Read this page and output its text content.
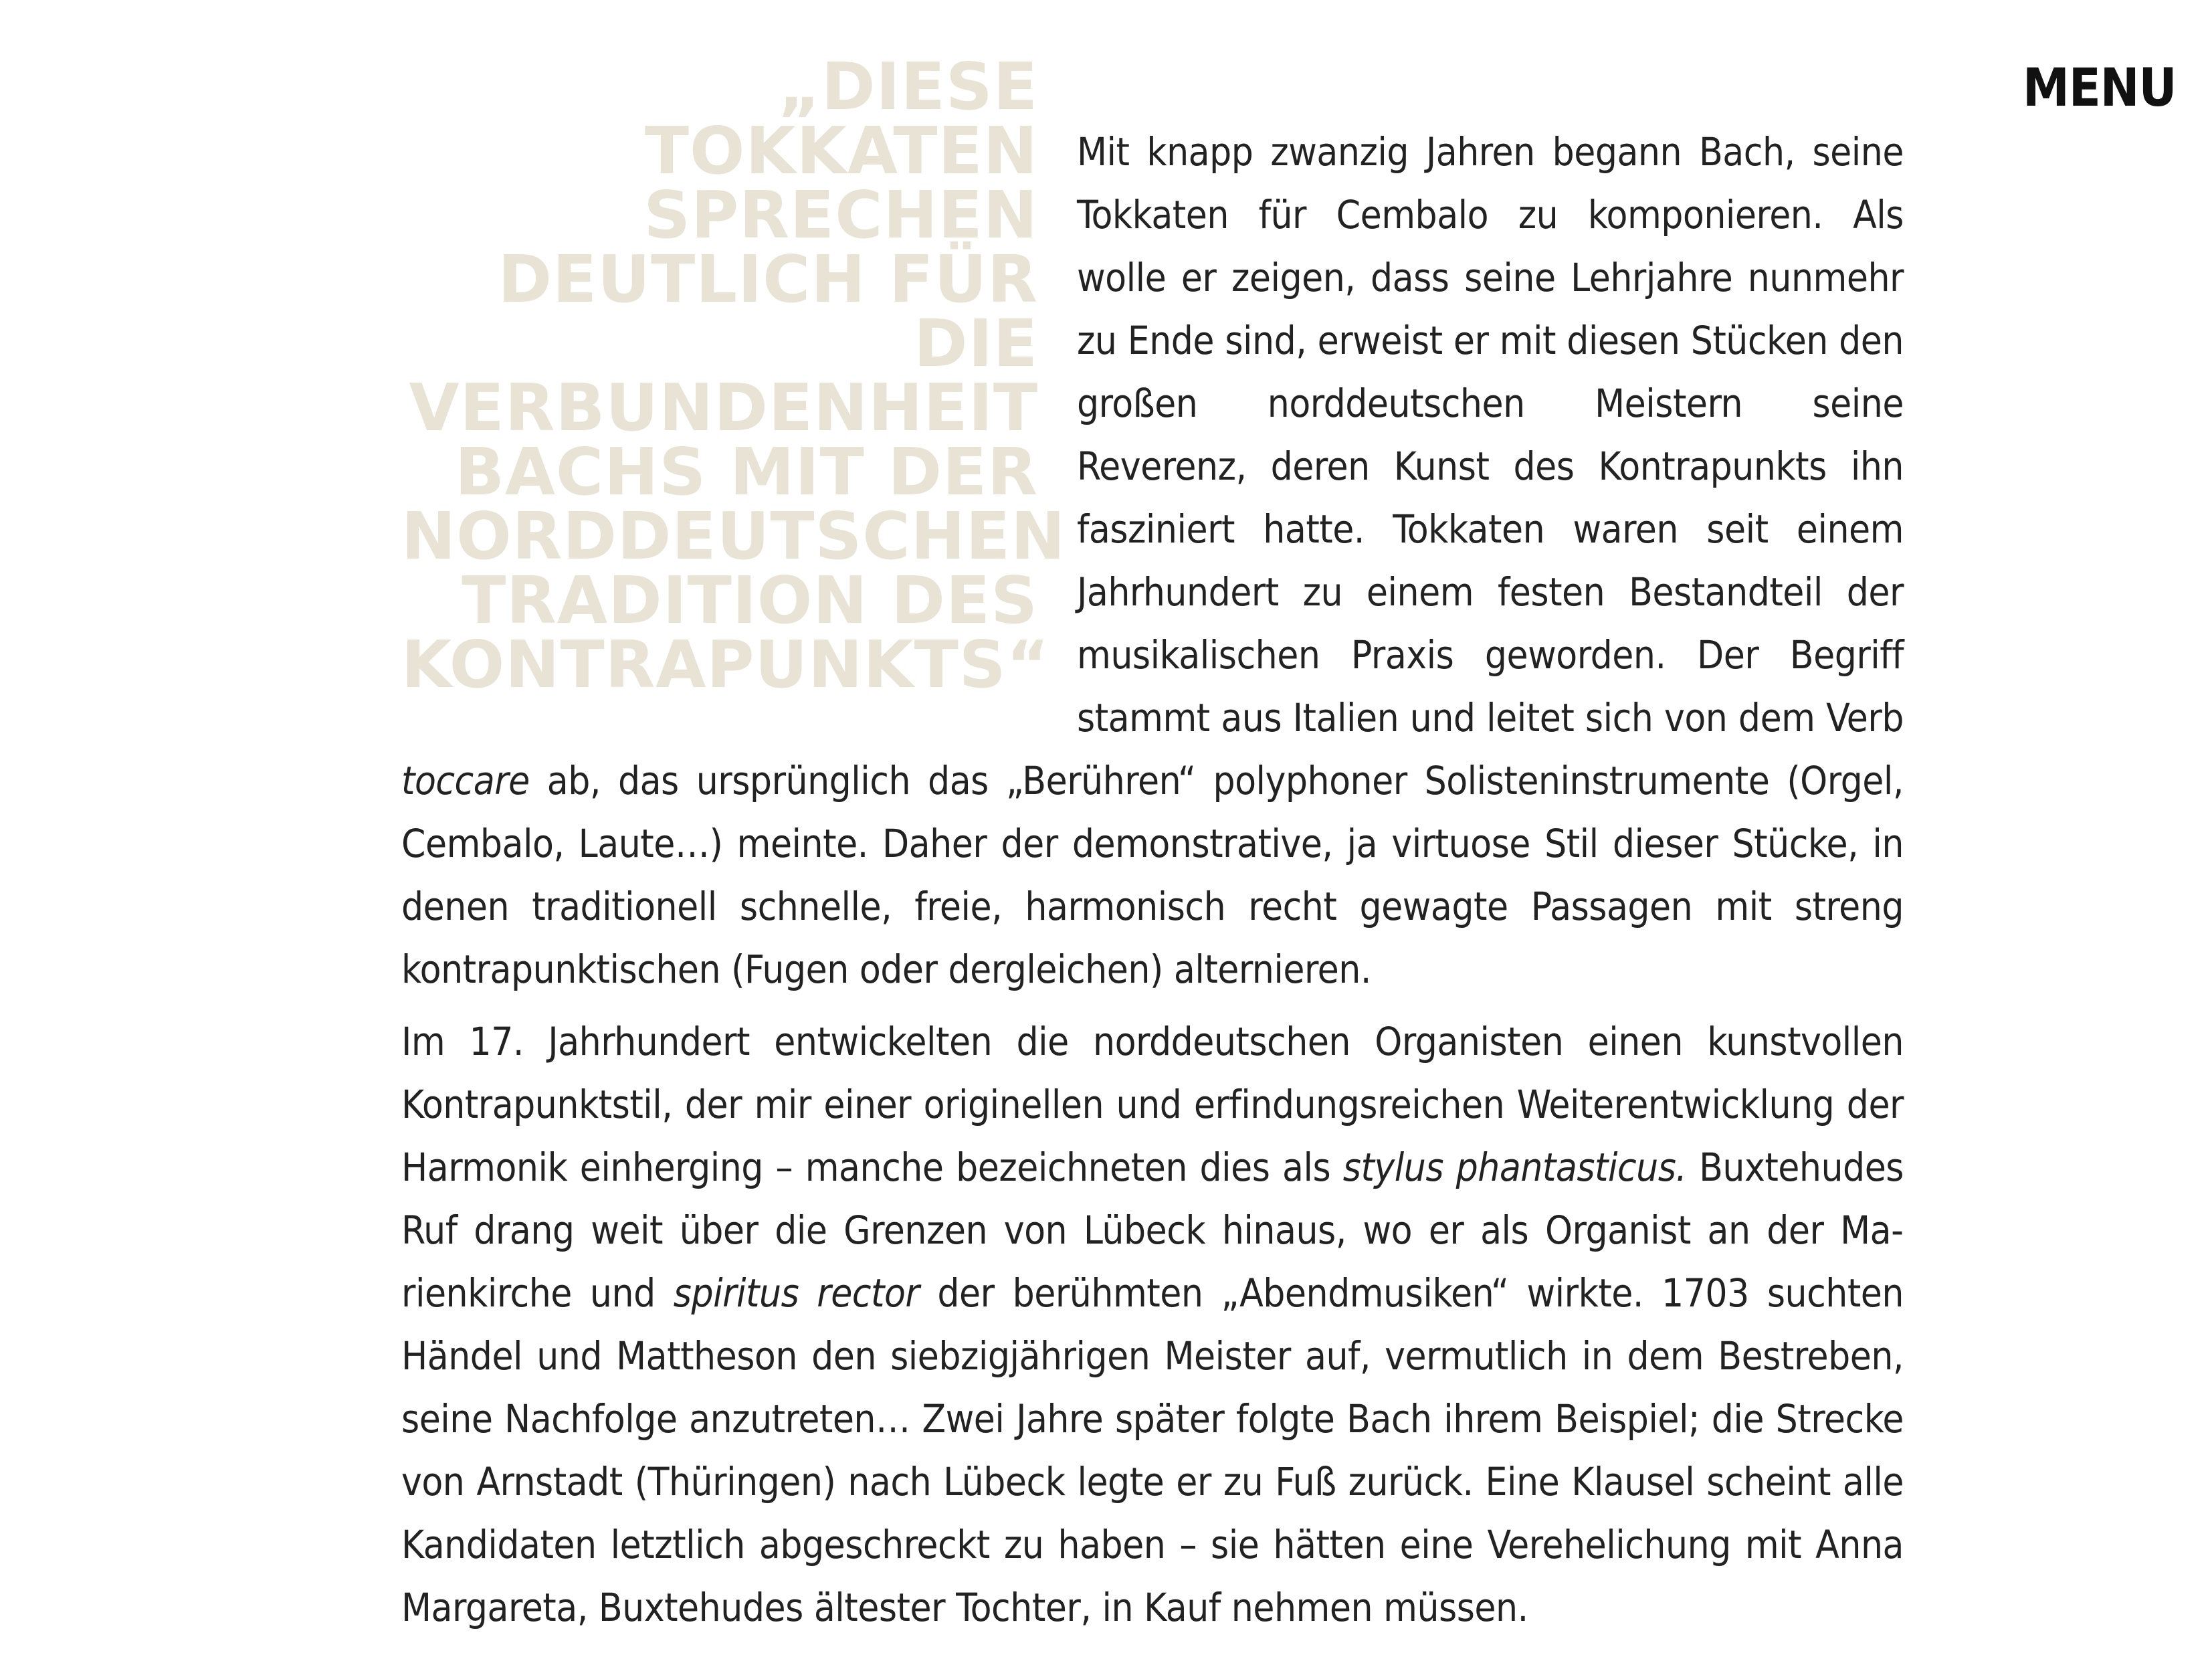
MENU
„DIESE TOKKATEN SPRECHEN DEUTLICH FÜR DIE VERBUNDENHEIT BACHS MIT DER NORDDEUTSCHEN TRADITION DES KONTRAPUNKTS“

Mit knapp zwanzig Jahren begann Bach, seine Tokkaten für Cembalo zu komponieren. Als wolle er zeigen, dass seine Lehrjahre nunmehr zu Ende sind, erweist er mit diesen Stücken den großen norddeutschen Meistern seine Reverenz, deren Kunst des Kontrapunkts ihn fasziniert hatte. Tokkaten waren seit einem Jahrhundert zu einem festen Bestandteil der musikalischen Praxis geworden. Der Begriff stammt aus Italien und leitet sich von dem Verb toccare ab, das ursprünglich das „Berühren“ polyphoner Solisteninstrumente (Orgel, Cembalo, Laute…) meinte. Daher der demonstrative, ja virtuose Stil dieser Stücke, in denen traditionell schnelle, freie, harmonisch recht gewagte Passagen mit streng kontrapunktischen (Fugen oder dergleichen) alternieren.

Im 17. Jahrhundert entwickelten die norddeutschen Organisten einen kunstvollen Kontrapunktstil, der mir einer originellen und erfindungsreichen Weiterentwicklung der Harmonik einherging – manche bezeichneten dies als stylus phantasticus. Buxtehudes Ruf drang weit über die Grenzen von Lübeck hinaus, wo er als Organist an der Marienkirche und spiritus rector der berühmten „Abendmusiken“ wirkte. 1703 suchten Händel und Mattheson den siebzigjährigen Meister auf, vermutlich in dem Bestreben, seine Nachfolge anzutreten… Zwei Jahre später folgte Bach ihrem Beispiel; die Strecke von Arnstadt (Thüringen) nach Lübeck legte er zu Fuß zurück. Eine Klausel scheint alle Kandidaten letztlich abgeschreckt zu haben – sie hätten eine Verehelichung mit Anna Margareta, Buxtehudes ältester Tochter, in Kauf nehmen müssen.
